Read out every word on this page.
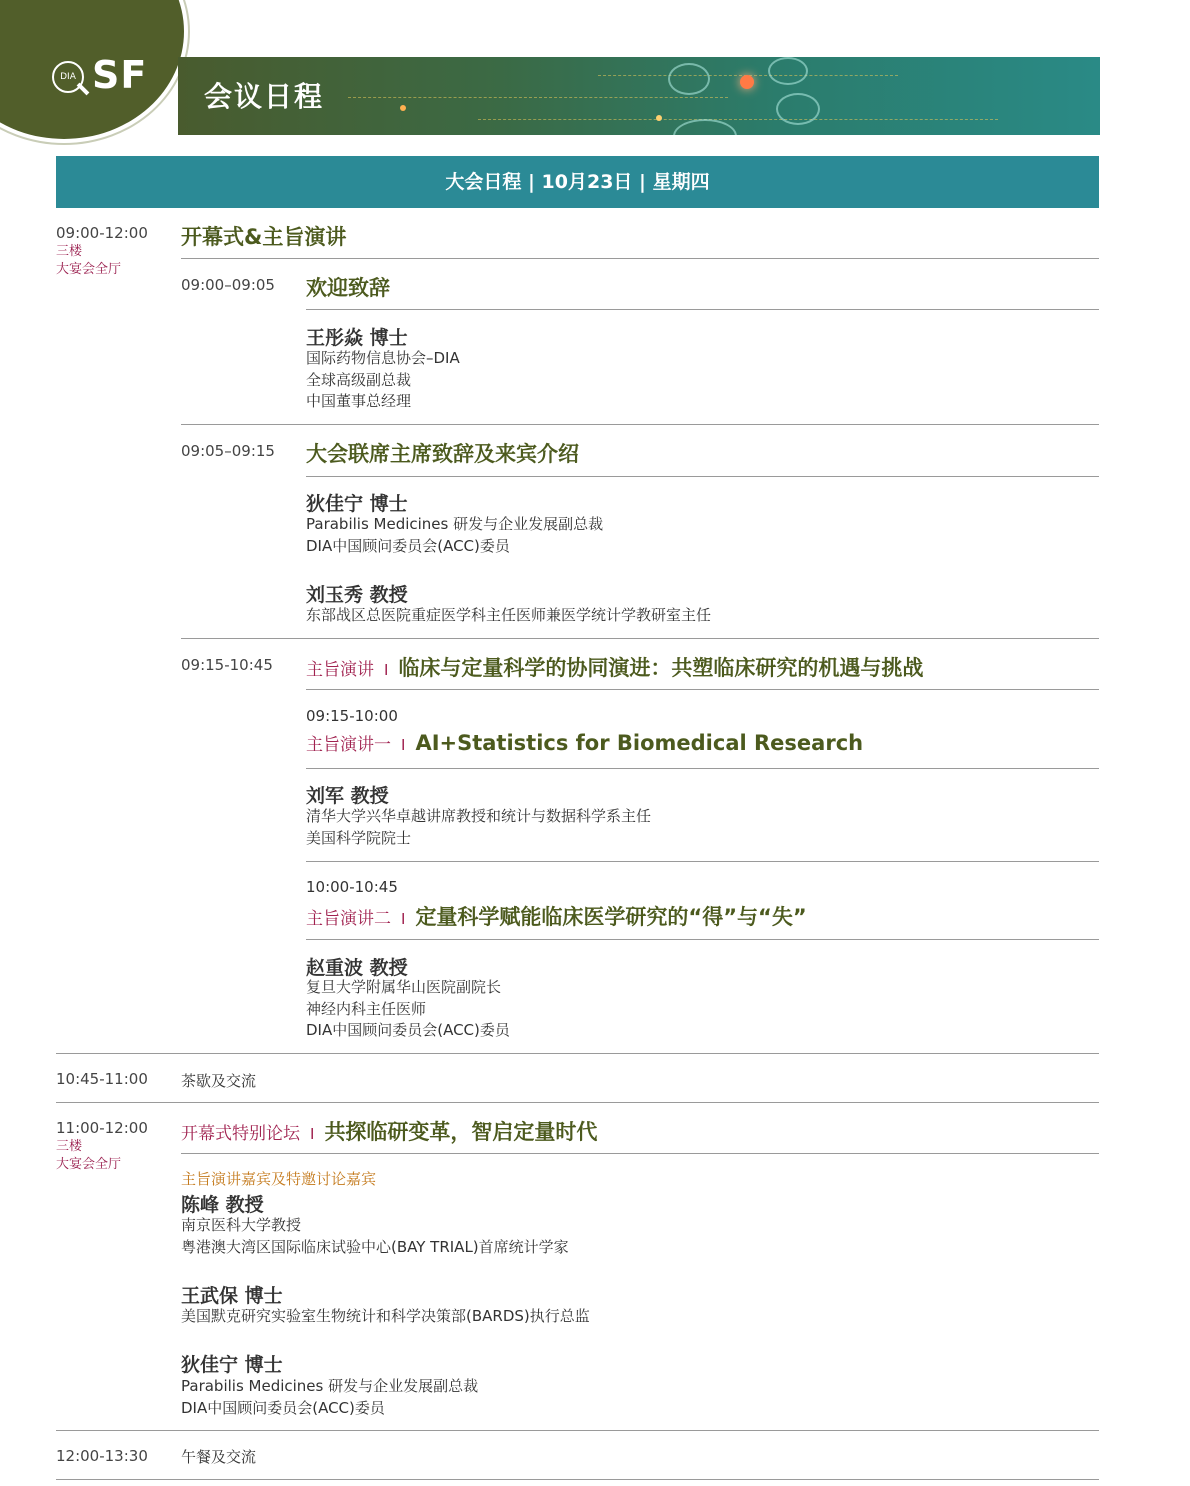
DIA SF 会议日程
大会日程 | 10月23日 | 星期四
09:00-12:00
三楼
大宴会全厅
开幕式&主旨演讲
09:00–09:05 欢迎致辞
王彤焱 博士
国际药物信息协会–DIA
全球高级副总裁
中国董事总经理
09:05–09:15 大会联席主席致辞及来宾介绍
狄佳宁 博士
Parabilis Medicines 研发与企业发展副总裁
DIA中国顾问委员会(ACC)委员
刘玉秀 教授
东部战区总医院重症医学科主任医师兼医学统计学教研室主任
09:15-10:45 主旨演讲 I 临床与定量科学的协同演进：共塑临床研究的机遇与挑战
09:15-10:00
主旨演讲一 I AI+Statistics for Biomedical Research
刘军 教授
清华大学兴华卓越讲席教授和统计与数据科学系主任
美国科学院院士
10:00-10:45
主旨演讲二 I 定量科学赋能临床医学研究的“得”与“失”
赵重波 教授
复旦大学附属华山医院副院长
神经内科主任医师
DIA中国顾问委员会(ACC)委员
10:45-11:00 茶歇及交流
11:00-12:00
三楼
大宴会全厅
开幕式特别论坛 I 共探临研变革，智启定量时代
主旨演讲嘉宾及特邀讨论嘉宾
陈峰 教授
南京医科大学教授
粤港澳大湾区国际临床试验中心(BAY TRIAL)首席统计学家
王武保 博士
美国默克研究实验室生物统计和科学决策部(BARDS)执行总监
狄佳宁 博士
Parabilis Medicines 研发与企业发展副总裁
DIA中国顾问委员会(ACC)委员
12:00-13:30 午餐及交流
